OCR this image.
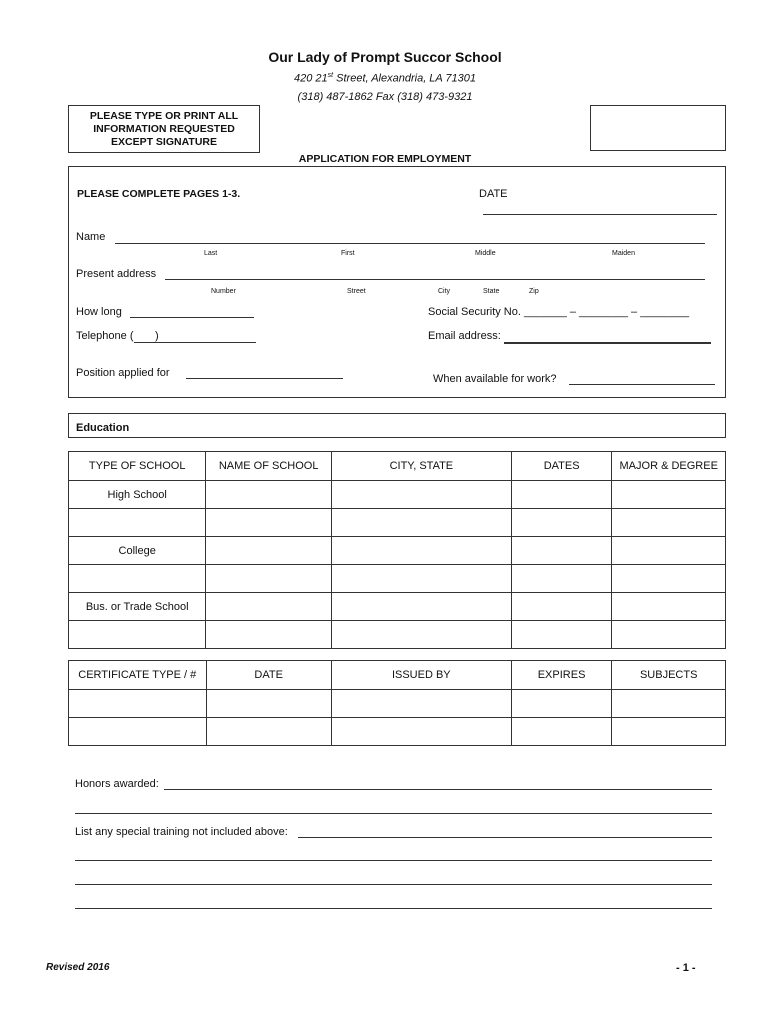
Our Lady of Prompt Succor School
420 21st Street, Alexandria, LA 71301
(318) 487-1862 Fax (318) 473-9321
PLEASE TYPE OR PRINT ALL
INFORMATION REQUESTED
EXCEPT SIGNATURE
APPLICATION FOR EMPLOYMENT
PLEASE COMPLETE PAGES 1-3.	DATE
Name
Last	First	Middle	Maiden
Present address
Number	Street	City	State	Zip
How long	Social Security No. _______ – ________ – ________
Telephone ( )	Email address:
Position applied for	When available for work?
Education
TYPE OF SCHOOL	NAME OF SCHOOL	CITY, STATE	DATES	MAJOR & DEGREE
High School				

College				

Bus. or Trade School				

CERTIFICATE TYPE / #	DATE	ISSUED BY	EXPIRES	SUBJECTS

Honors awarded:
List any special training not included above:
Revised 2016	- 1 -
